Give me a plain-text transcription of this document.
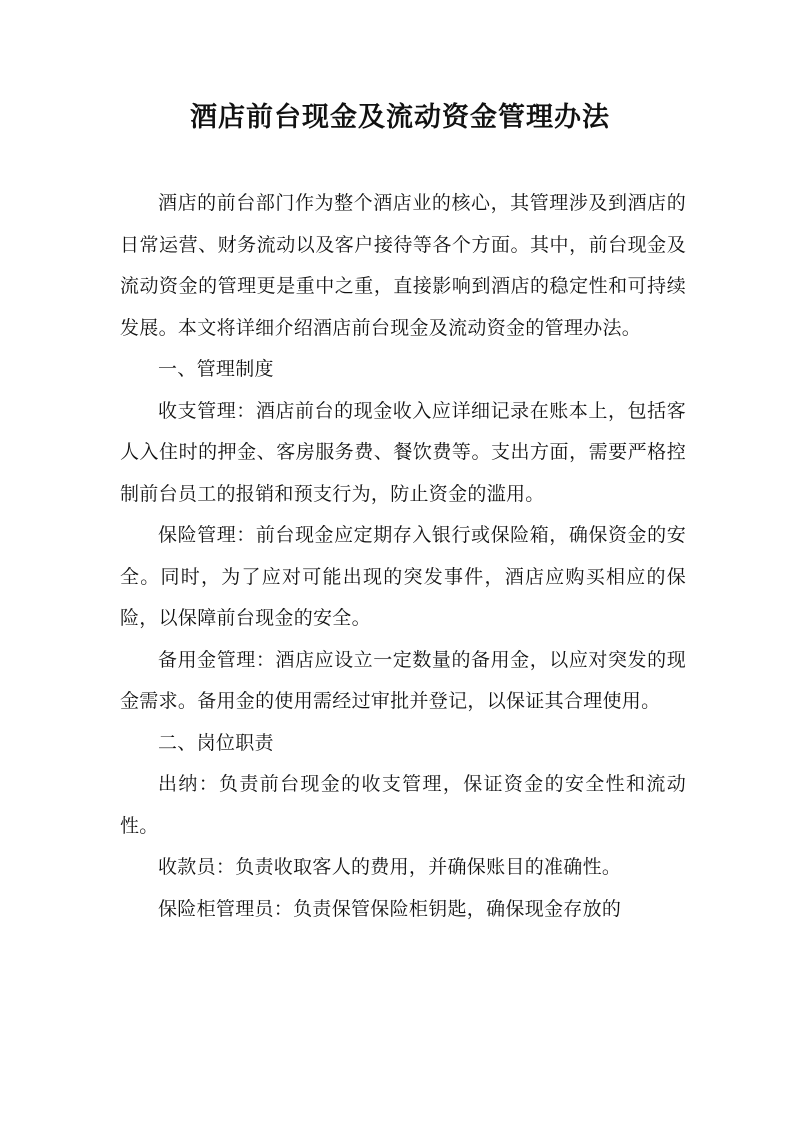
酒店前台现金及流动资金管理办法

酒店的前台部门作为整个酒店业的核心，其管理涉及到酒店的日常运营、财务流动以及客户接待等各个方面。其中，前台现金及流动资金的管理更是重中之重，直接影响到酒店的稳定性和可持续发展。本文将详细介绍酒店前台现金及流动资金的管理办法。

一、管理制度

收支管理：酒店前台的现金收入应详细记录在账本上，包括客人入住时的押金、客房服务费、餐饮费等。支出方面，需要严格控制前台员工的报销和预支行为，防止资金的滥用。

保险管理：前台现金应定期存入银行或保险箱，确保资金的安全。同时，为了应对可能出现的突发事件，酒店应购买相应的保险，以保障前台现金的安全。

备用金管理：酒店应设立一定数量的备用金，以应对突发的现金需求。备用金的使用需经过审批并登记，以保证其合理使用。

二、岗位职责

出纳：负责前台现金的收支管理，保证资金的安全性和流动性。

收款员：负责收取客人的费用，并确保账目的准确性。

保险柜管理员：负责保管保险柜钥匙，确保现金存放的
